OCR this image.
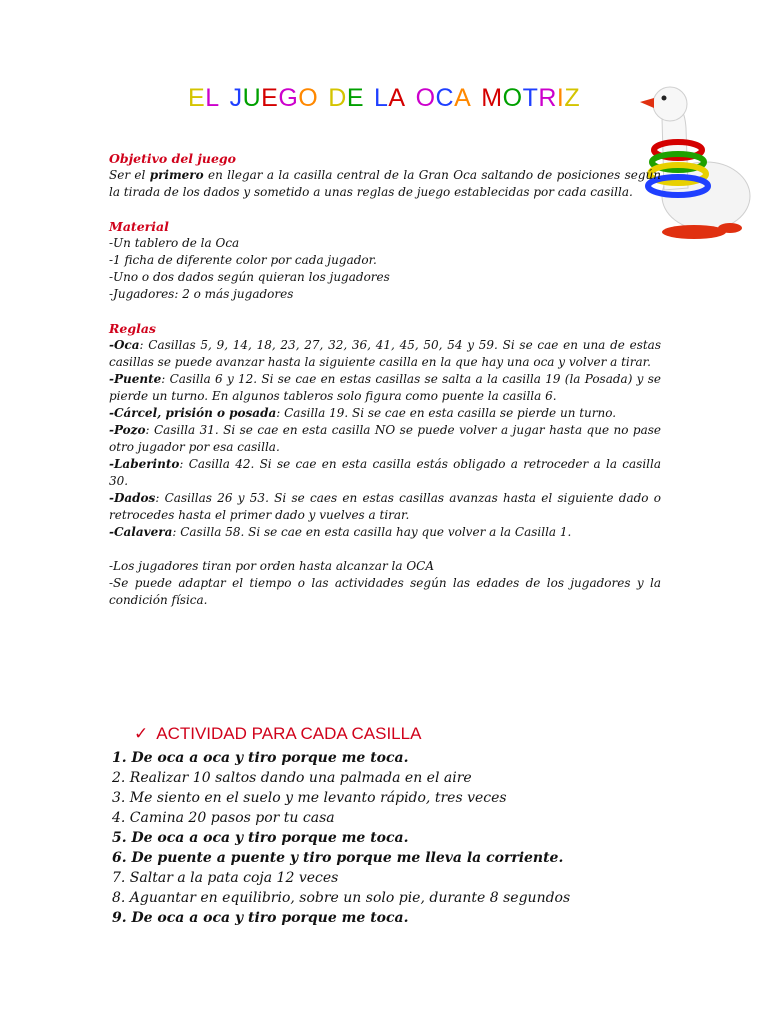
EL JUEGO DE LA OCA MOTRIZ
Objetivo del juego
Ser el primero en llegar a la casilla central de la Gran Oca saltando de posiciones según la tirada de los dados y sometido a unas reglas de juego establecidas por cada casilla.
Material
-Un tablero de la Oca
-1 ficha de diferente color por cada jugador.
-Uno o dos dados según quieran los jugadores
-Jugadores: 2 o más jugadores
Reglas
-Oca: Casillas 5, 9, 14, 18, 23, 27, 32, 36, 41, 45, 50, 54 y 59. Si se cae en una de estas casillas se puede avanzar hasta la siguiente casilla en la que hay una oca y volver a tirar.
-Puente: Casilla 6 y 12. Si se cae en estas casillas se salta a la casilla 19 (la Posada) y se pierde un turno. En algunos tableros solo figura como puente la casilla 6.
-Cárcel, prisión o posada: Casilla 19. Si se cae en esta casilla se pierde un turno.
-Pozo: Casilla 31. Si se cae en esta casilla NO se puede volver a jugar hasta que no pase otro jugador por esa casilla.
-Laberinto: Casilla 42. Si se cae en esta casilla estás obligado a retroceder a la casilla 30.
-Dados: Casillas 26 y 53. Si se caes en estas casillas avanzas hasta el siguiente dado o retrocedes hasta el primer dado y vuelves a tirar.
-Calavera: Casilla 58. Si se cae en esta casilla hay que volver a la Casilla 1.
-Los jugadores tiran por orden hasta alcanzar la OCA
-Se puede adaptar el tiempo o las actividades según las edades de los jugadores y la condición física.
✓ ACTIVIDAD PARA CADA CASILLA
1. De oca a oca y tiro porque me toca.
2. Realizar 10 saltos dando una palmada en el aire
3. Me siento en el suelo y me levanto rápido, tres veces
4. Camina 20 pasos por tu casa
5. De oca a oca y tiro porque me toca.
6. De puente a puente y tiro porque me lleva la corriente.
7. Saltar a la pata coja 12 veces
8. Aguantar en equilibrio, sobre un solo pie, durante 8 segundos
9. De oca a oca y tiro porque me toca.
